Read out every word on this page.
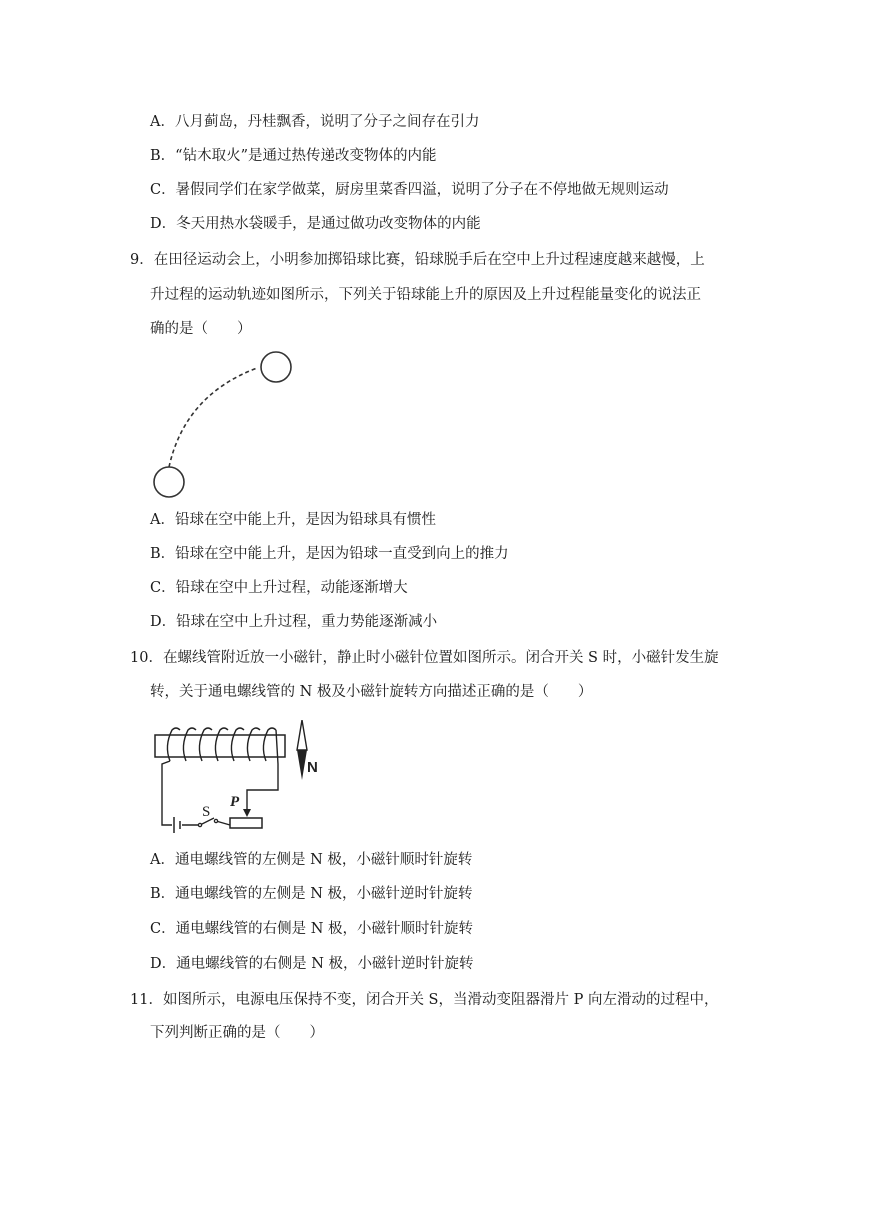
A．八月蓟岛，丹桂飘香，说明了分子之间存在引力
B．“钻木取火”是通过热传递改变物体的内能
C．暑假同学们在家学做菜，厨房里菜香四溢，说明了分子在不停地做无规则运动
D．冬天用热水袋暖手，是通过做功改变物体的内能
9．在田径运动会上，小明参加掷铅球比赛，铅球脱手后在空中上升过程速度越来越慢，上
升过程的运动轨迹如图所示，下列关于铅球能上升的原因及上升过程能量变化的说法正
确的是（　　）
A．铅球在空中能上升，是因为铅球具有惯性
B．铅球在空中能上升，是因为铅球一直受到向上的推力
C．铅球在空中上升过程，动能逐渐增大
D．铅球在空中上升过程，重力势能逐渐减小
10．在螺线管附近放一小磁针，静止时小磁针位置如图所示。闭合开关 S 时，小磁针发生旋
转，关于通电螺线管的 N 极及小磁针旋转方向描述正确的是（　　）
S
P
N
A．通电螺线管的左侧是 N 极，小磁针顺时针旋转
B．通电螺线管的左侧是 N 极，小磁针逆时针旋转
C．通电螺线管的右侧是 N 极，小磁针顺时针旋转
D．通电螺线管的右侧是 N 极，小磁针逆时针旋转
11．如图所示，电源电压保持不变，闭合开关 S，当滑动变阻器滑片 P 向左滑动的过程中，
下列判断正确的是（　　）
